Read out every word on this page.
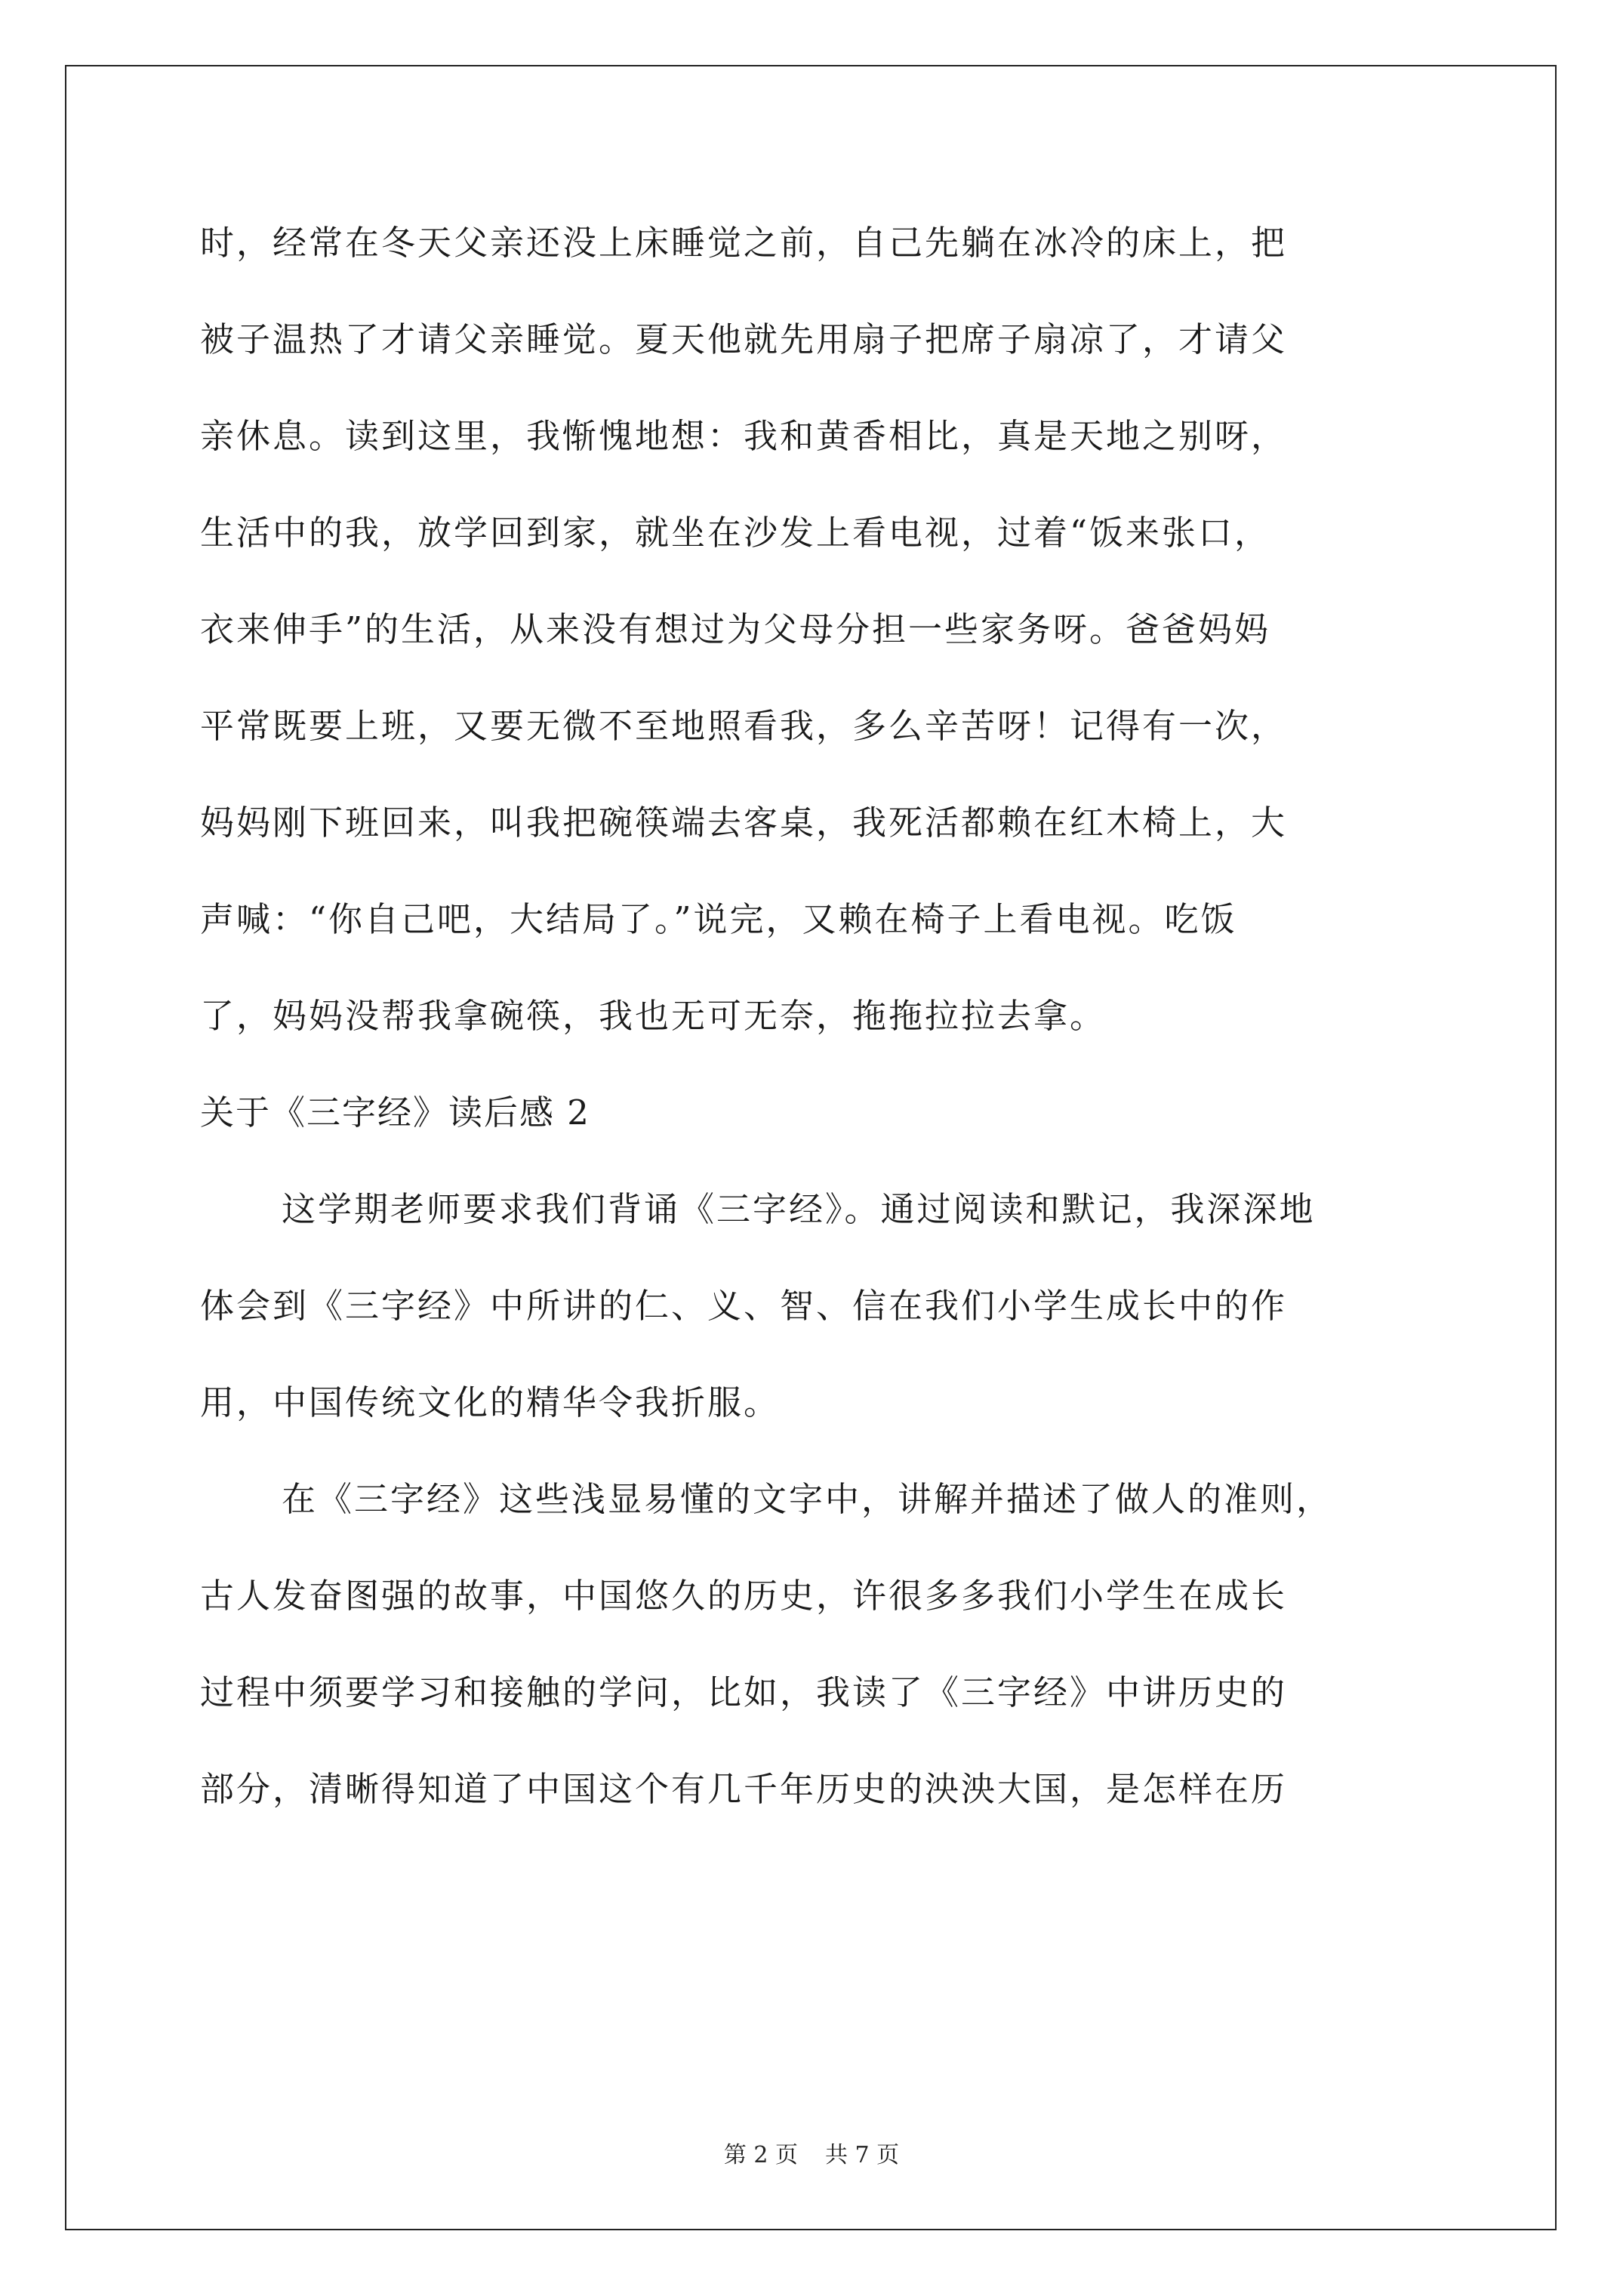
时，经常在冬天父亲还没上床睡觉之前，自己先躺在冰冷的床上，把
被子温热了才请父亲睡觉。夏天他就先用扇子把席子扇凉了，才请父
亲休息。读到这里，我惭愧地想：我和黄香相比，真是天地之别呀，
生活中的我，放学回到家，就坐在沙发上看电视，过着“饭来张口，
衣来伸手”的生活，从来没有想过为父母分担一些家务呀。爸爸妈妈
平常既要上班，又要无微不至地照看我，多么辛苦呀！记得有一次，
妈妈刚下班回来，叫我把碗筷端去客桌，我死活都赖在红木椅上，大
声喊：“你自己吧，大结局了。”说完，又赖在椅子上看电视。吃饭
了，妈妈没帮我拿碗筷，我也无可无奈，拖拖拉拉去拿。
关于《三字经》读后感 2
这学期老师要求我们背诵《三字经》。通过阅读和默记，我深深地
体会到《三字经》中所讲的仁、义、智、信在我们小学生成长中的作
用，中国传统文化的精华令我折服。
在《三字经》这些浅显易懂的文字中，讲解并描述了做人的准则，
古人发奋图强的故事，中国悠久的历史，许很多多我们小学生在成长
过程中须要学习和接触的学问，比如，我读了《三字经》中讲历史的
部分，清晰得知道了中国这个有几千年历史的泱泱大国，是怎样在历
第 2 页 共 7 页
